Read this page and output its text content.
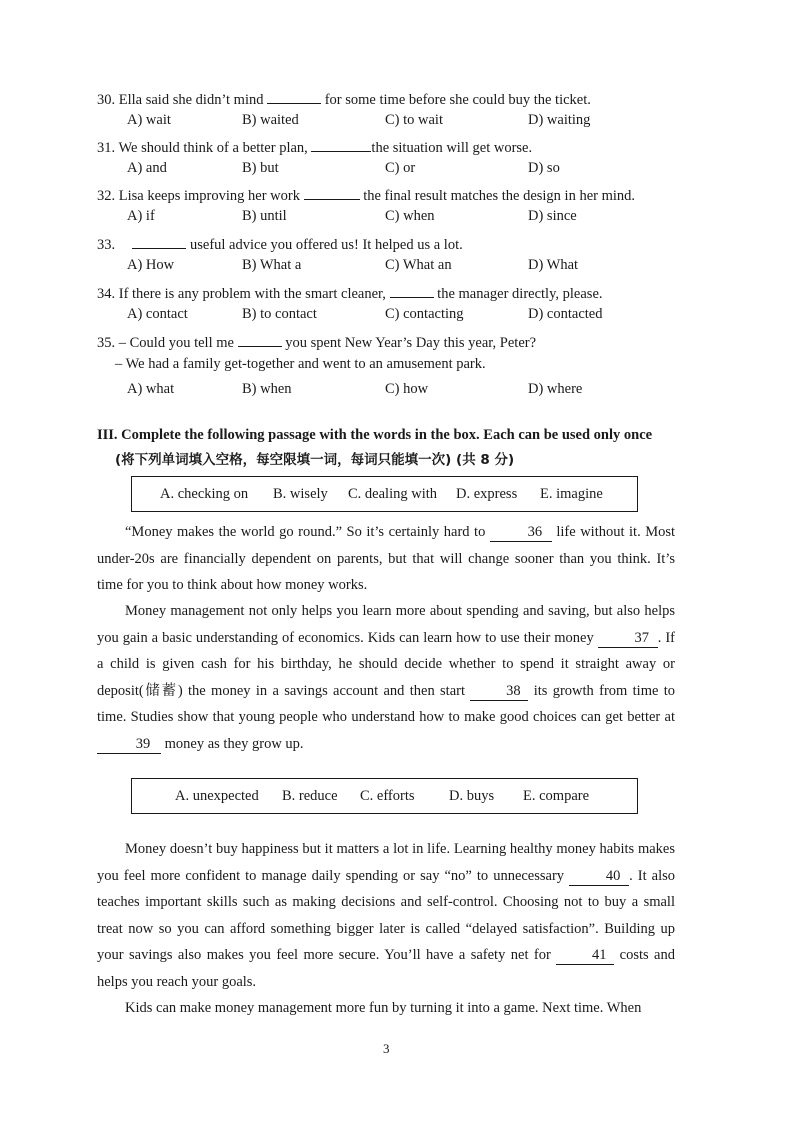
30. Ella said she didn’t mind	for some time before she could buy the ticket.
A) wait	B) waited	C) to wait	D) waiting
31. We should think of a better plan,	the situation will get worse.
A) and	B) but	C) or	D) so
32. Lisa keeps improving her work	the final result matches the design in her mind.
A) if	B) until	C) when	D) since
33.	useful advice you offered us! It helped us a lot.
A) How	B) What a	C) What an	D) What
34. If there is any problem with the smart cleaner,	the manager directly, please.
A) contact	B) to contact	C) contacting	D) contacted
35. – Could you tell me	you spent New Year’s Day this year, Peter?
– We had a family get-together and went to an amusement park.
A) what	B) when	C) how	D) where
III. Complete the following passage with the words in the box. Each can be used only once
(将下列单词填入空格，每空限填一词，每词只能填一次) (共 8 分)
A. checking on B. wisely C. dealing with D. express E. imagine
“Money makes the world go round.” So it’s certainly hard to	36 life without it. Most under-20s are financially dependent on parents, but that will change sooner than you think. It’s time for you to think about how money works.
Money management not only helps you learn more about spending and saving, but also helps you gain a basic understanding of economics. Kids can learn how to use their money	37 . If a child is given cash for his birthday, he should decide whether to spend it straight away or deposit(储蓄) the money in a savings account and then start	38 its growth from time to time. Studies show that young people who understand how to make good choices can get better at 39 money as they grow up.
A. unexpected B. reduce C. efforts D. buys E. compare
Money doesn’t buy happiness but it matters a lot in life. Learning healthy money habits makes you feel more confident to manage daily spending or say “no” to unnecessary	40 . It also teaches important skills such as making decisions and self-control. Choosing not to buy a small treat now so you can afford something bigger later is called “delayed satisfaction”. Building up your savings also makes you feel more secure. You’ll have a safety net for	41 costs and helps you reach your goals.
Kids can make money management more fun by turning it into a game. Next time. When
3
